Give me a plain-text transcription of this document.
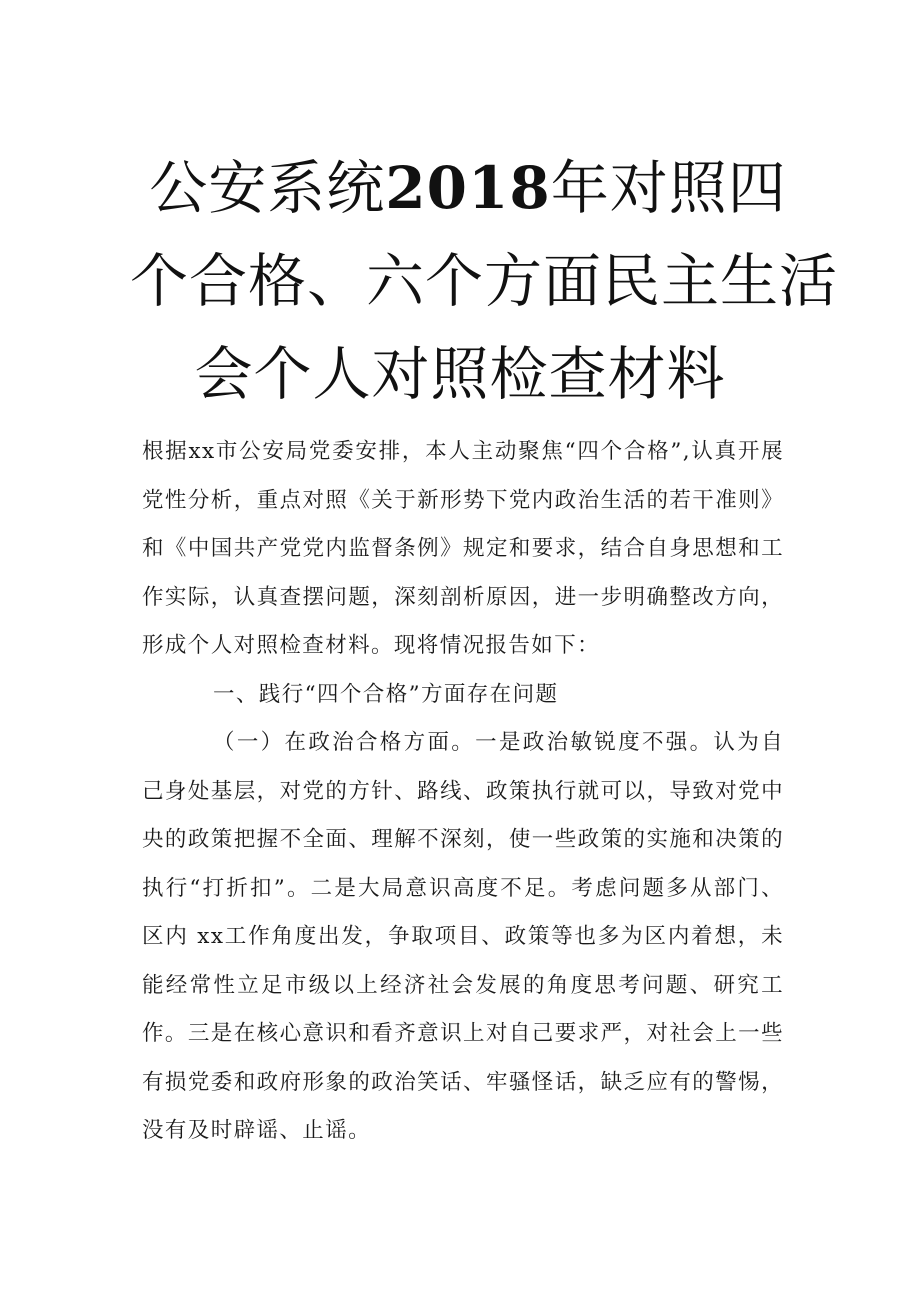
公安系统2018年对照四
个合格、六个方面民主生活
会个人对照检查材料

根据xx市公安局党委安排，本人主动聚焦“四个合格”,认真开展党性分析，重点对照《关于新形势下党内政治生活的若干准则》和《中国共产党党内监督条例》规定和要求，结合自身思想和工作实际，认真查摆问题，深刻剖析原因，进一步明确整改方向，形成个人对照检查材料。现将情况报告如下：

一、践行“四个合格”方面存在问题

（一）在政治合格方面。一是政治敏锐度不强。认为自己身处基层，对党的方针、路线、政策执行就可以，导致对党中央的政策把握不全面、理解不深刻，使一些政策的实施和决策的执行“打折扣”。二是大局意识高度不足。考虑问题多从部门、区内 xx工作角度出发，争取项目、政策等也多为区内着想，未能经常性立足市级以上经济社会发展的角度思考问题、研究工作。三是在核心意识和看齐意识上对自己要求严，对社会上一些 有损党委和政府形象的政治笑话、牢骚怪话，缺乏应有的警惕，没有及时辟谣、止谣。
